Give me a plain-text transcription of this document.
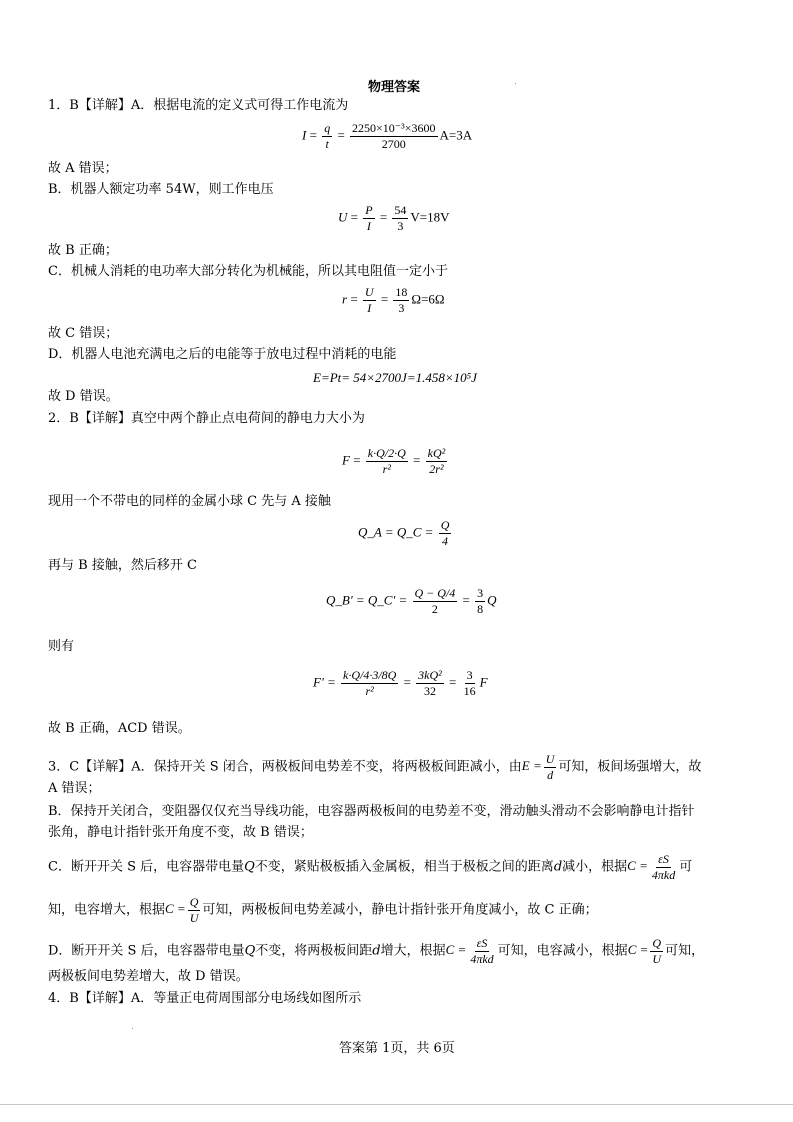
物理答案
1．B【详解】A．根据电流的定义式可得工作电流为
$I = \frac{q}{t} = \frac{\text{2250×10⁻³×3600}}{2700} A=3A$
故 A 错误；
B．机器人额定功率 54W，则工作电压
$U = \frac{P}{I} = \frac{54}{3} V=18V$
故 B 正确；
C．机械人消耗的电功率大部分转化为机械能，所以其电阻值一定小于
$r = \frac{U}{I} = \frac{18}{3} \Omega=6\Omega$
故 C 错误；
D．机器人电池充满电之后的电能等于放电过程中消耗的电能
E=Pt= 54×2700J=1.458×10⁵J
故 D 错误。
2．B【详解】真空中两个静止点电荷间的静电力大小为
$F = \frac{k\cdot Q/2\cdot Q}{\text{r²}} = \frac{\text{kQ²}}{\text{2r²}}$
现用一个不带电的同样的金属小球 C 先与 A 接触
Q_A = Q_C = $\frac{Q}{4}$
再与 B 接触，然后移开 C
Q_B' = Q_C' = $\frac{Q - Q/4}{2} = \frac{3}{8}$ Q
则有
$F' = \frac{k\cdot Q/4\cdot 3/8Q}{\text{r²}} = \frac{\text{3kQ²}}{32} = \frac{3}{16}$ F
故 B 正确，ACD 错误。
3．C【详解】A．保持开关 S 闭合，两极板间电势差不变，将两极板间距减小，由$E = \frac{U}{d}$ 可知，板间场强增大，故
A 错误；
B．保持开关闭合，变阻器仅仅充当导线功能，电容器两极板间的电势差不变，滑动触头滑动不会影响静电计指针
张角，静电计指针张开角度不变，故 B 错误；
C．断开开关 S 后，电容器带电量Q不变，紧贴极板插入金属板，相当于极板之间的距离d减小，根据$C = \frac{\varepsilon S}{\text{4πkd}}$ 可
知，电容增大，根据$C = \frac{Q}{U}$ 可知，两极板间电势差减小，静电计指针张开角度减小，故 C 正确；
D．断开开关 S 后，电容器带电量Q不变，将两极板间距d增大，根据$C = \frac{\varepsilon S}{\text{4πkd}}$ 可知，电容减小，根据$C = \frac{Q}{U}$ 可知，
两极板间电势差增大，故 D 错误。
4．B【详解】A．等量正电荷周围部分电场线如图所示
答案第 1页，共 6页
